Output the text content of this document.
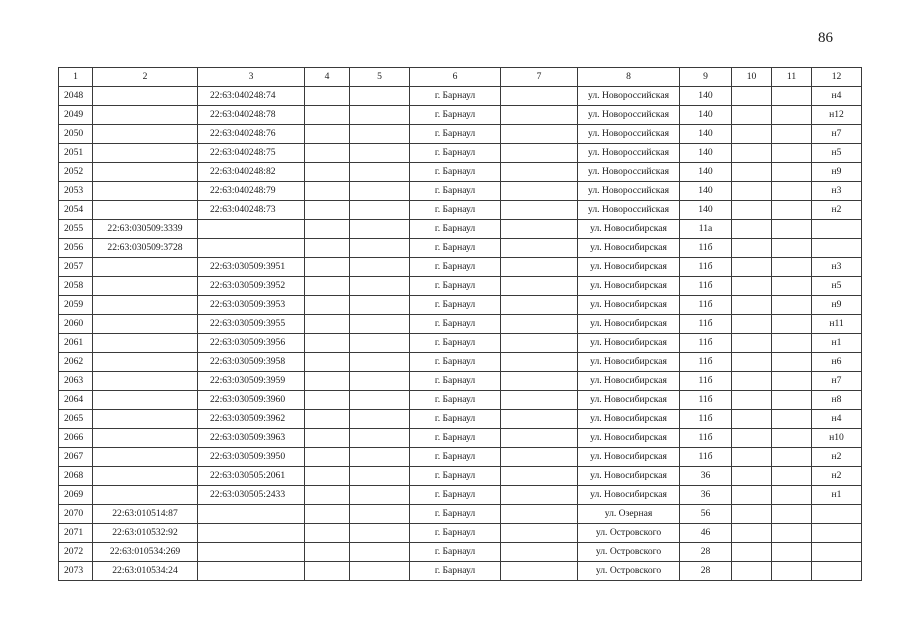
86
1	2	3	4	5	6	7	8	9	10	11	12
2048		22:63:040248:74			г. Барнаул		ул. Новороссийская	140			н4
2049		22:63:040248:78			г. Барнаул		ул. Новороссийская	140			н12
2050		22:63:040248:76			г. Барнаул		ул. Новороссийская	140			н7
2051		22:63:040248:75			г. Барнаул		ул. Новороссийская	140			н5
2052		22:63:040248:82			г. Барнаул		ул. Новороссийская	140			н9
2053		22:63:040248:79			г. Барнаул		ул. Новороссийская	140			н3
2054		22:63:040248:73			г. Барнаул		ул. Новороссийская	140			н2
2055	22:63:030509:3339				г. Барнаул		ул. Новосибирская	11а			
2056	22:63:030509:3728				г. Барнаул		ул. Новосибирская	11б			
2057		22:63:030509:3951			г. Барнаул		ул. Новосибирская	11б			н3
2058		22:63:030509:3952			г. Барнаул		ул. Новосибирская	11б			н5
2059		22:63:030509:3953			г. Барнаул		ул. Новосибирская	11б			н9
2060		22:63:030509:3955			г. Барнаул		ул. Новосибирская	11б			н11
2061		22:63:030509:3956			г. Барнаул		ул. Новосибирская	11б			н1
2062		22:63:030509:3958			г. Барнаул		ул. Новосибирская	11б			н6
2063		22:63:030509:3959			г. Барнаул		ул. Новосибирская	11б			н7
2064		22:63:030509:3960			г. Барнаул		ул. Новосибирская	11б			н8
2065		22:63:030509:3962			г. Барнаул		ул. Новосибирская	11б			н4
2066		22:63:030509:3963			г. Барнаул		ул. Новосибирская	11б			н10
2067		22:63:030509:3950			г. Барнаул		ул. Новосибирская	11б			н2
2068		22:63:030505:2061			г. Барнаул		ул. Новосибирская	36			н2
2069		22:63:030505:2433			г. Барнаул		ул. Новосибирская	36			н1
2070	22:63:010514:87				г. Барнаул		ул. Озерная	56			
2071	22:63:010532:92				г. Барнаул		ул. Островского	46			
2072	22:63:010534:269				г. Барнаул		ул. Островского	28			
2073	22:63:010534:24				г. Барнаул		ул. Островского	28			
